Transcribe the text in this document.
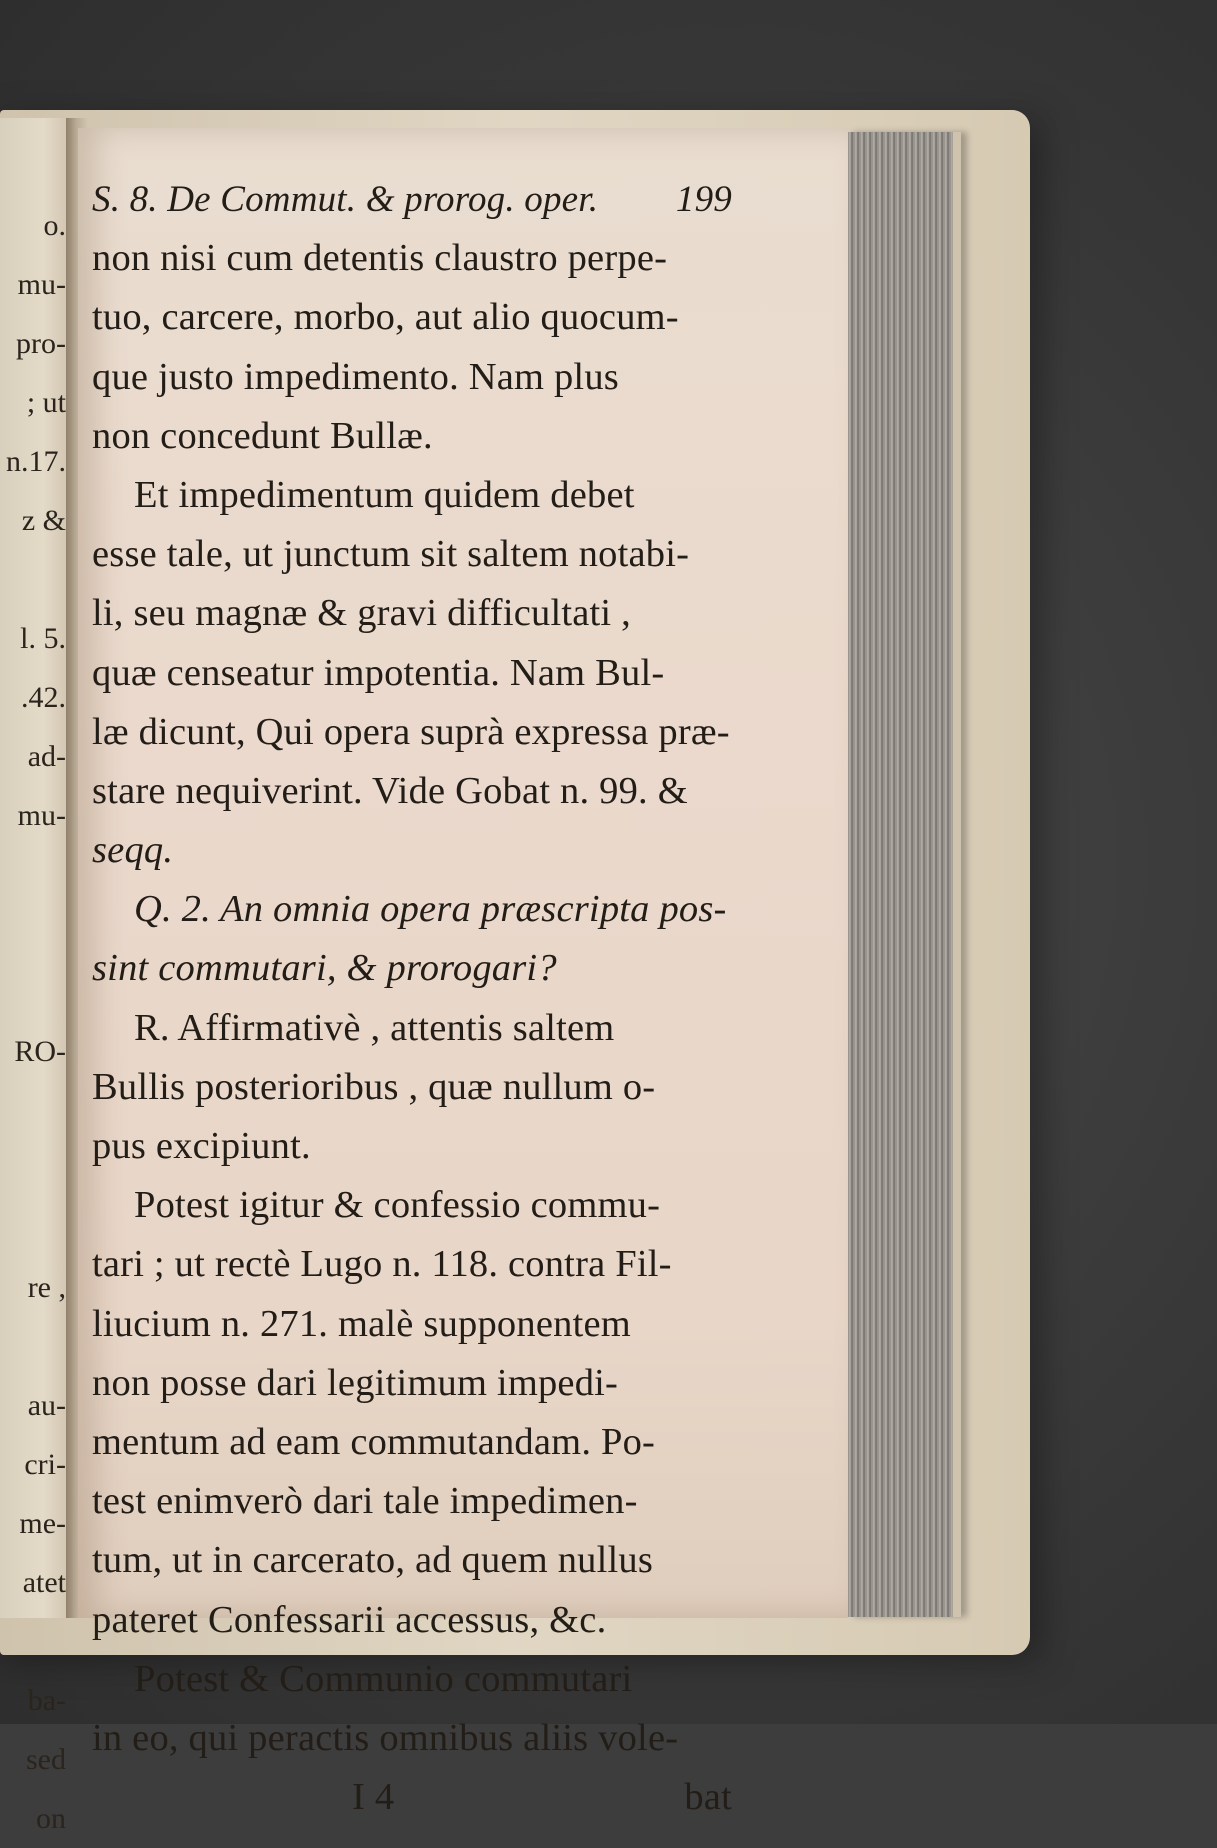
o.
mu-
pro-
; ut
n.17.
z &
l. 5.
.42.
ad-
mu-
RO-
re ,
au-
cri-
me-
atet
ba-
sed
on
S. 8. De Commut. & prorog. oper. 199
non nisi cum detentis claustro perpe-
tuo, carcere, morbo, aut alio quocum-
que justo impedimento. Nam plus
non concedunt Bullæ.
Et impedimentum quidem debet
esse tale, ut junctum sit saltem notabi-
li, seu magnæ & gravi difficultati ,
quæ censeatur impotentia. Nam Bul-
læ dicunt, Qui opera suprà expressa præ-
stare nequiverint. Vide Gobat n. 99. &
seqq.
Q. 2. An omnia opera præscripta pos-
sint commutari, & prorogari?
R. Affirmativè , attentis saltem
Bullis posterioribus , quæ nullum o-
pus excipiunt.
Potest igitur & confessio commu-
tari ; ut rectè Lugo n. 118. contra Fil-
liucium n. 271. malè supponentem
non posse dari legitimum impedi-
mentum ad eam commutandam. Po-
test enimverò dari tale impedimen-
tum, ut in carcerato, ad quem nullus
pateret Confessarii accessus, &c.
Potest & Communio commutari
in eo, qui peractis omnibus aliis vole-
I 4	bat
